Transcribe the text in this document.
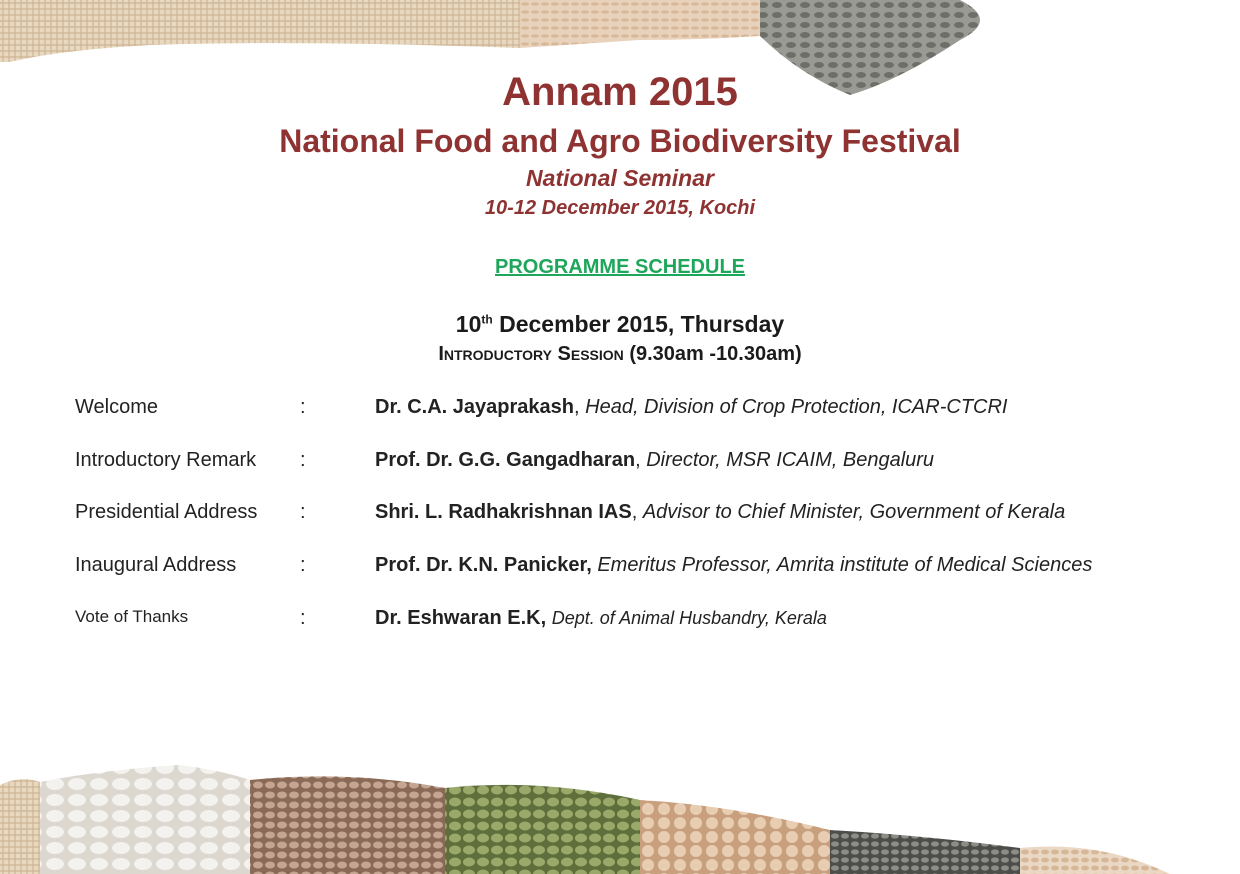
Annam 2015
National Food and Agro Biodiversity Festival
National Seminar
10-12 December 2015, Kochi
PROGRAMME SCHEDULE
10th December 2015, Thursday
Introductory Session (9.30am -10.30am)
Welcome	:	Dr. C.A. Jayaprakash, Head, Division of Crop Protection, ICAR-CTCRI
Introductory Remark :	Prof. Dr. G.G. Gangadharan, Director, MSR ICAIM, Bengaluru
Presidential Address :	Shri. L. Radhakrishnan IAS, Advisor to Chief Minister, Government of Kerala
Inaugural Address	:	Prof. Dr. K.N. Panicker, Emeritus Professor, Amrita institute of Medical Sciences
Vote of Thanks	:	Dr. Eshwaran E.K, Dept. of Animal Husbandry, Kerala
